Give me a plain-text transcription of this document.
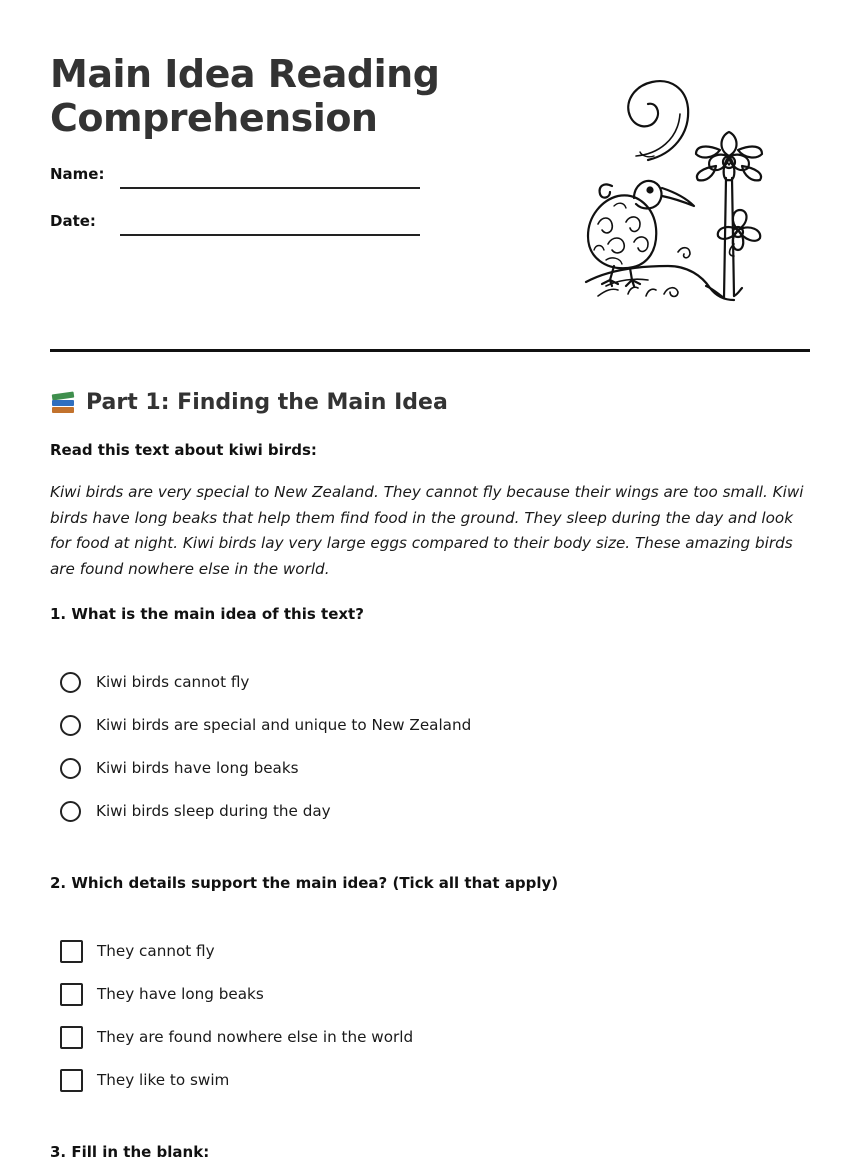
Main Idea Reading Comprehension
Name:
Date:
Part 1: Finding the Main Idea
Read this text about kiwi birds:

Kiwi birds are very special to New Zealand. They cannot fly because their wings are too small. Kiwi birds have long beaks that help them find food in the ground. They sleep during the day and look for food at night. Kiwi birds lay very large eggs compared to their body size. These amazing birds are found nowhere else in the world.

1. What is the main idea of this text?
Kiwi birds cannot fly
Kiwi birds are special and unique to New Zealand
Kiwi birds have long beaks
Kiwi birds sleep during the day
2. Which details support the main idea? (Tick all that apply)
They cannot fly
They have long beaks
They are found nowhere else in the world
They like to swim
3. Fill in the blank:
